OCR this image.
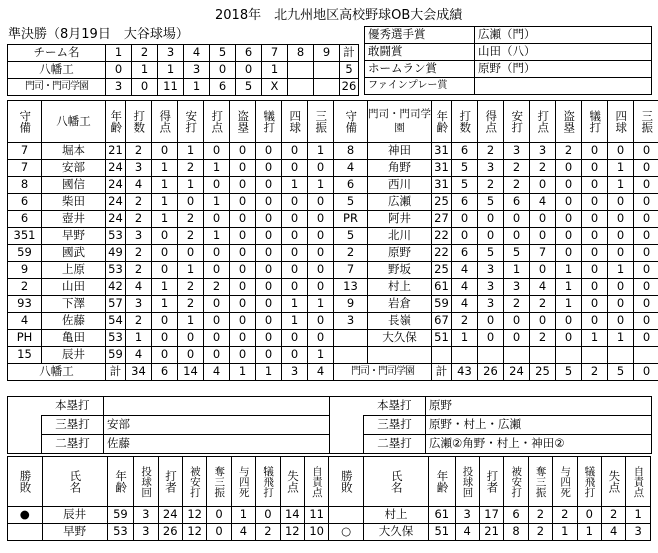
2018年　北九州地区高校野球OB大会成績
準決勝（8月19日　大谷球場）
チーム名	1	2	3	4	5	6	7	8	9	計
八幡工	0	1	1	3	0	0	1			5
門司・門司学園	3	0	11	1	6	5	X			26
優秀選手賞	広瀬（門）
敢闘賞	山田（八）
ホームラン賞	原野（門）
ファインプレー賞	
守備	八幡工	年齢	打数	得点	安打	打点	盗塁	犠打	四球	三振	守備	門司・門司学園	年齢	打数	得点	安打	打点	盗塁	犠打	四球	三振
7	堀本	21	2	0	1	0	0	0	0	1	8	神田	31	6	2	3	3	2	0	0	0
7	安部	24	3	1	2	1	0	0	0	0	4	角野	31	5	3	2	2	0	0	1	0
8	國信	24	4	1	1	0	0	0	1	1	6	西川	31	5	2	2	0	0	0	1	0
6	柴田	24	2	1	0	1	0	0	0	0	5	広瀬	25	6	5	6	4	0	0	0	0
6	壺井	24	2	1	2	0	0	0	0	0	PR	阿井	27	0	0	0	0	0	0	0	0
351	早野	53	3	0	2	1	0	0	0	0	5	北川	22	0	0	0	0	0	0	0	0
59	國武	49	2	0	0	0	0	0	0	0	2	原野	22	6	5	5	7	0	0	0	0
9	上原	53	2	0	1	0	0	0	0	0	7	野坂	25	4	3	1	0	1	0	1	0
2	山田	42	4	1	2	2	0	0	0	0	13	村上	61	4	3	3	4	1	0	0	0
93	下澤	57	3	1	2	0	0	0	1	1	9	岩倉	59	4	3	2	2	1	0	0	0
4	佐藤	54	2	0	1	0	0	0	1	0	3	長嶺	67	2	0	0	0	0	0	0	0
PH	亀田	53	1	0	0	0	0	0	0	0		大久保	51	1	0	0	2	0	1	1	0
15	辰井	59	4	0	0	0	0	0	0	1											
八幡工		計	34	6	14	4	1	1	3	4	門司・門司学園		計	43	26	24	25	5	2	5	0
	本塁打			本塁打	原野
	三塁打	安部		三塁打	原野・村上・広瀬
	二塁打	佐藤		二塁打	広瀬②角野・村上・神田②
勝敗	氏名	年齢	投球回	打者	被安打	奪三振	与四死	犠飛打	失点	自責点	勝敗	氏名	年齢	投球回	打者	被安打	奪三振	与四死	犠飛打	失点	自責点
●	辰井	59	3	24	12	0	1	0	14	11		村上	61	3	17	6	2	2	0	2	1
	早野	53	3	26	12	0	4	2	12	10	○	大久保	51	4	21	8	2	1	1	4	3
